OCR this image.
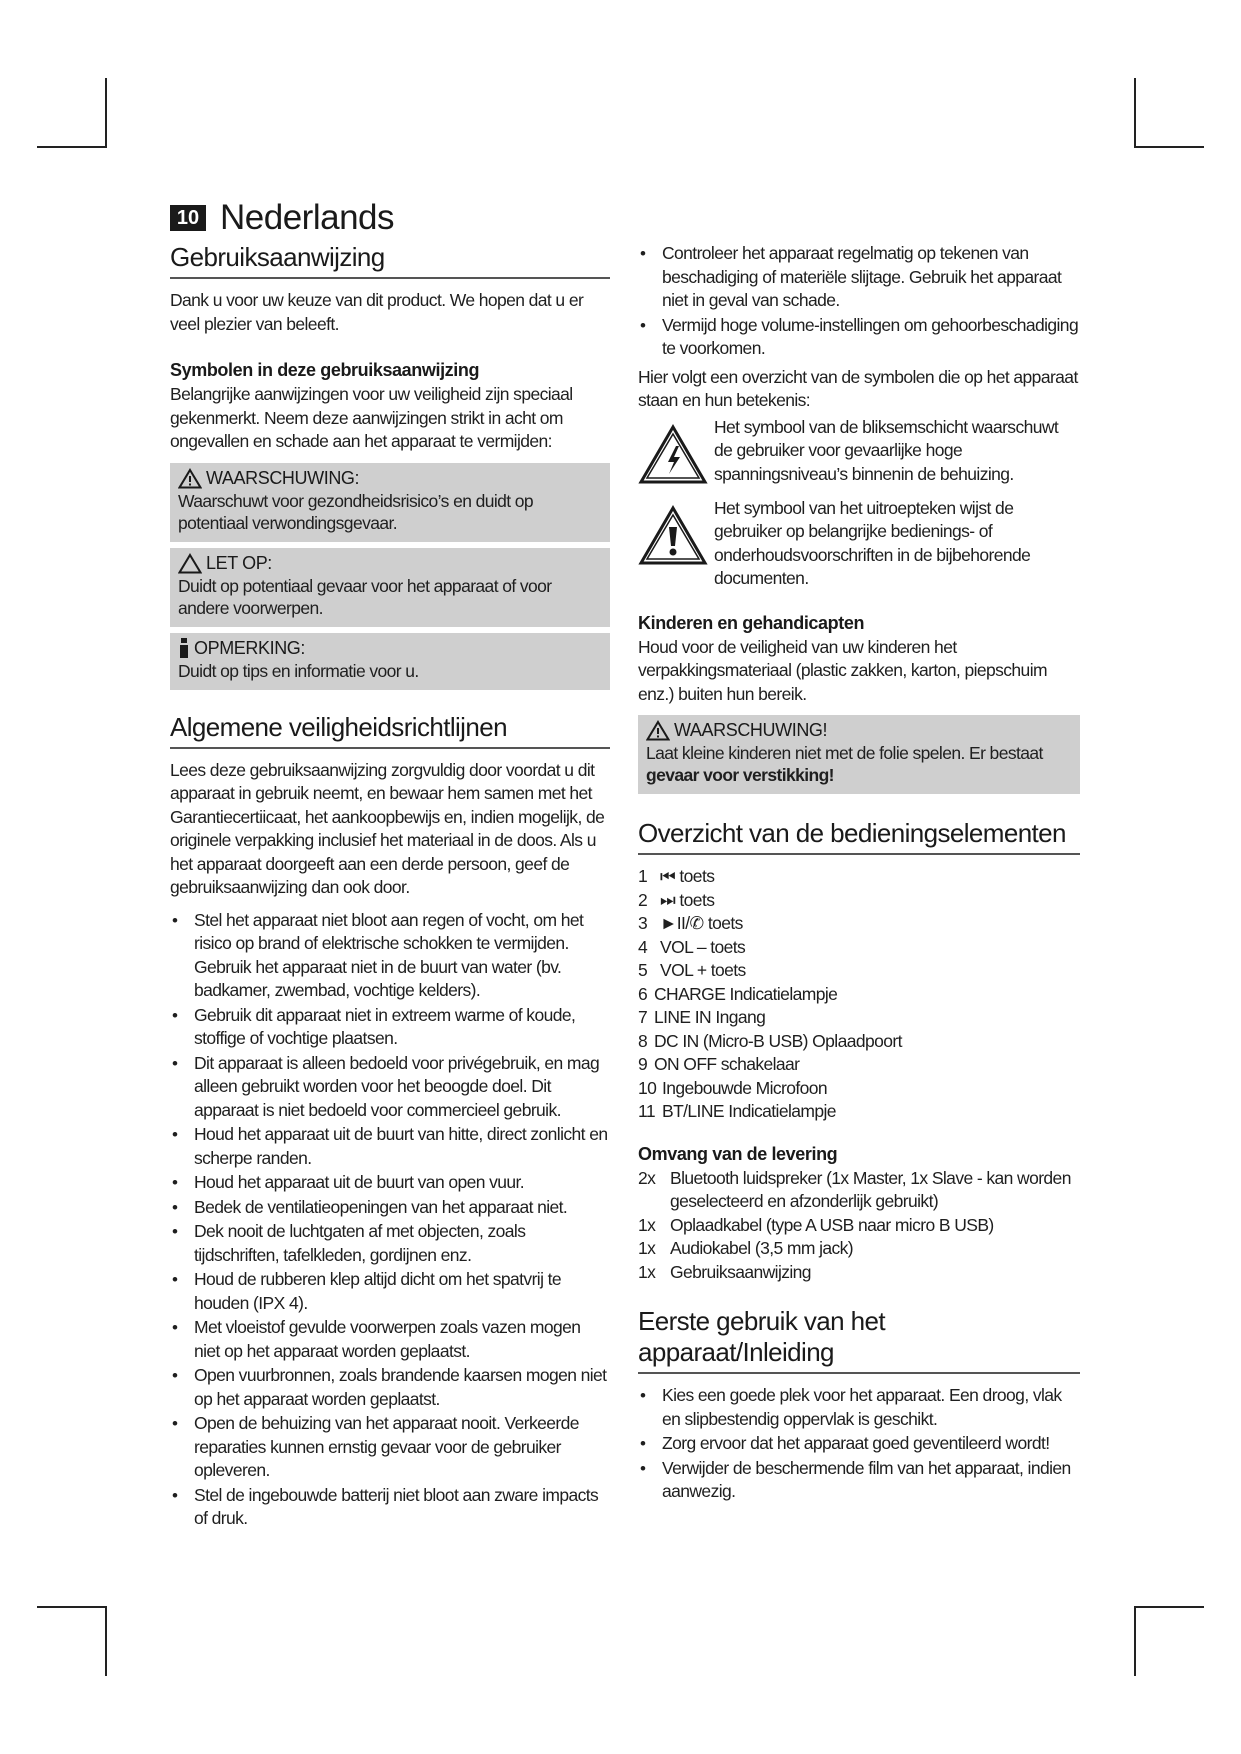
10 Nederlands
Gebruiksaanwijzing

Dank u voor uw keuze van dit product. We hopen dat u er veel plezier van beleeft.

Symbolen in deze gebruiksaanwijzing

Belangrijke aanwijzingen voor uw veiligheid zijn speciaal gekenmerkt. Neem deze aanwijzingen strikt in acht om ongevallen en schade aan het apparaat te vermijden:

WAARSCHUWING:

Waarschuwt voor gezondheidsrisico’s en duidt op potentiaal verwondingsgevaar.

LET OP:

Duidt op potentiaal gevaar voor het apparaat of voor andere voorwerpen.

OPMERKING:

Duidt op tips en informatie voor u.

Algemene veiligheidsrichtlijnen

Lees deze gebruiksaanwijzing zorgvuldig door voordat u dit apparaat in gebruik neemt, en bewaar hem samen met het Garantiecertiicaat, het aankoopbewijs en, indien mogelijk, de originele verpakking inclusief het materiaal in de doos. Als u het apparaat doorgeeft aan een derde persoon, geef de gebruiksaanwijzing dan ook door.

• Stel het apparaat niet bloot aan regen of vocht, om het risico op brand of elektrische schokken te vermijden. Gebruik het apparaat niet in de buurt van water (bv. badkamer, zwembad, vochtige kelders).
• Gebruik dit apparaat niet in extreem warme of koude, stoffige of vochtige plaatsen.
• Dit apparaat is alleen bedoeld voor privégebruik, en mag alleen gebruikt worden voor het beoogde doel. Dit apparaat is niet bedoeld voor commercieel gebruik.
• Houd het apparaat uit de buurt van hitte, direct zonlicht en scherpe randen.
• Houd het apparaat uit de buurt van open vuur.
• Bedek de ventilatieopeningen van het apparaat niet.
• Dek nooit de luchtgaten af met objecten, zoals tijdschriften, tafelkleden, gordijnen enz.
• Houd de rubberen klep altijd dicht om het spatvrij te houden (IPX 4).
• Met vloeistof gevulde voorwerpen zoals vazen mogen niet op het apparaat worden geplaatst.
• Open vuurbronnen, zoals brandende kaarsen mogen niet op het apparaat worden geplaatst.
• Open de behuizing van het apparaat nooit. Verkeerde reparaties kunnen ernstig gevaar voor de gebruiker opleveren.
• Stel de ingebouwde batterij niet bloot aan zware impacts of druk.
• Controleer het apparaat regelmatig op tekenen van beschadiging of materiële slijtage. Gebruik het apparaat niet in geval van schade.
• Vermijd hoge volume-instellingen om gehoorbeschadiging te voorkomen.

Hier volgt een overzicht van de symbolen die op het apparaat staan en hun betekenis:

Het symbool van de bliksemschicht waarschuwt de gebruiker voor gevaarlijke hoge spanningsniveau’s binnenin de behuizing.

Het symbool van het uitroepteken wijst de gebruiker op belangrijke bedienings- of onderhoudsvoorschriften in de bijbehorende documenten.

Kinderen en gehandicapten

Houd voor de veiligheid van uw kinderen het verpakkingsmateriaal (plastic zakken, karton, piepschuim enz.) buiten hun bereik.

WAARSCHUWING!

Laat kleine kinderen niet met de folie spelen. Er bestaat
gevaar voor verstikking!

Overzicht van de bedieningselementen
1 ⏮ toets
2 ⏭ toets
3 ►II/✆ toets
4 VOL – toets
5 VOL + toets
6 CHARGE Indicatielampje
7 LINE IN Ingang
8 DC IN (Micro-B USB) Oplaadpoort
9 ON OFF schakelaar
10 Ingebouwde Microfoon
11 BT/LINE Indicatielampje
Omvang van de levering
2x Bluetooth luidspreker (1x Master, 1x Slave - kan worden geselecteerd en afzonderlijk gebruikt)
1x Oplaadkabel (type A USB naar micro B USB)
1x Audiokabel (3,5 mm jack)
1x Gebruiksaanwijzing
Eerste gebruik van het apparaat/Inleiding
• Kies een goede plek voor het apparaat. Een droog, vlak en slipbestendig oppervlak is geschikt.
• Zorg ervoor dat het apparaat goed geventileerd wordt!
• Verwijder de beschermende film van het apparaat, indien aanwezig.
